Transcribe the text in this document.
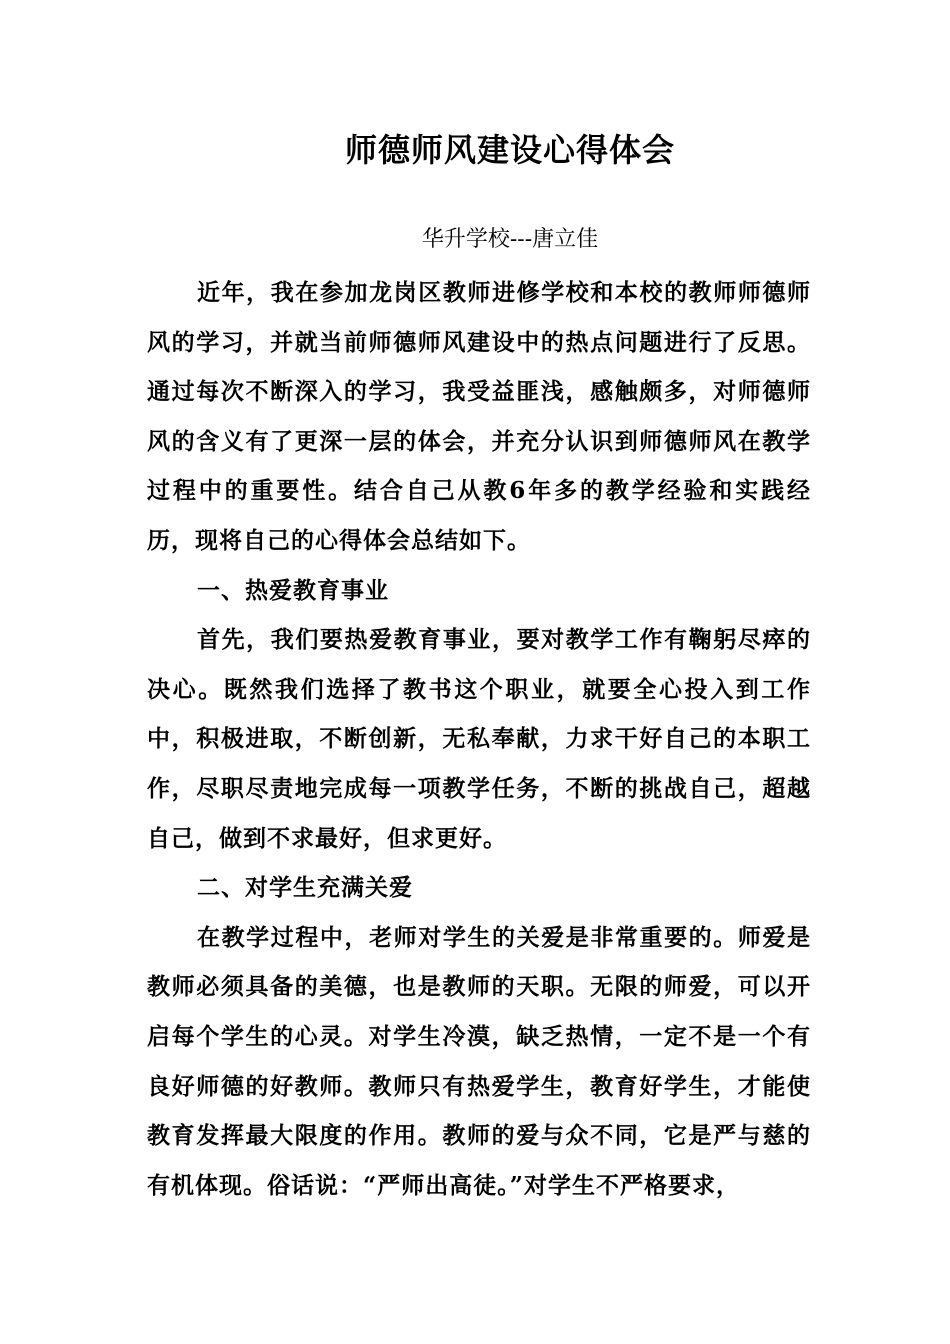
师德师风建设心得体会
华升学校---唐立佳

近年，我在参加龙岗区教师进修学校和本校的教师师德师风的学习，并就当前师德师风建设中的热点问题进行了反思。通过每次不断深入的学习，我受益匪浅，感触颇多，对师德师风的含义有了更深一层的体会，并充分认识到师德师风在教学过程中的重要性。结合自己从教6年多的教学经验和实践经历，现将自己的心得体会总结如下。

一、热爱教育事业

首先，我们要热爱教育事业，要对教学工作有鞠躬尽瘁的决心。既然我们选择了教书这个职业，就要全心投入到工作中，积极进取，不断创新，无私奉献，力求干好自己的本职工作，尽职尽责地完成每一项教学任务，不断的挑战自己，超越自己，做到不求最好，但求更好。

二、对学生充满关爱

在教学过程中，老师对学生的关爱是非常重要的。师爱是教师必须具备的美德，也是教师的天职。无限的师爱，可以开启每个学生的心灵。对学生冷漠，缺乏热情，一定不是一个有良好师德的好教师。教师只有热爱学生，教育好学生，才能使教育发挥最大限度的作用。教师的爱与众不同，它是严与慈的有机体现。俗话说：“严师出高徒。”对学生不严格要求，
